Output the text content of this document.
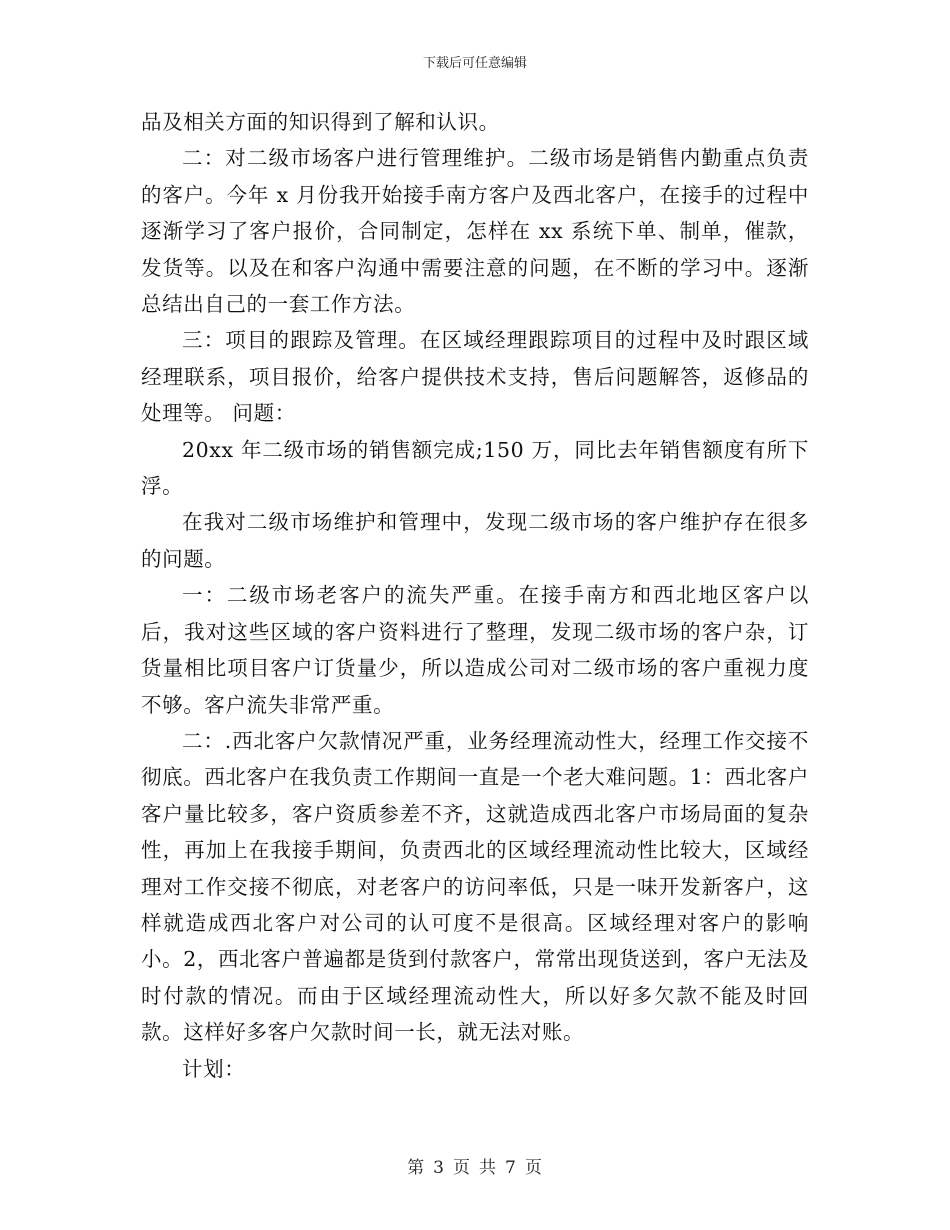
下载后可任意编辑

品及相关方面的知识得到了解和认识。

二：对二级市场客户进行管理维护。二级市场是销售内勤重点负责的客户。今年 x 月份我开始接手南方客户及西北客户，在接手的过程中逐渐学习了客户报价，合同制定，怎样在 xx 系统下单、制单，催款，发货等。以及在和客户沟通中需要注意的问题，在不断的学习中。逐渐总结出自己的一套工作方法。

三：项目的跟踪及管理。在区域经理跟踪项目的过程中及时跟区域经理联系，项目报价，给客户提供技术支持，售后问题解答，返修品的处理等。 问题：

20xx 年二级市场的销售额完成;150 万，同比去年销售额度有所下浮。

在我对二级市场维护和管理中，发现二级市场的客户维护存在很多的问题。

一：二级市场老客户的流失严重。在接手南方和西北地区客户以后，我对这些区域的客户资料进行了整理，发现二级市场的客户杂，订货量相比项目客户订货量少，所以造成公司对二级市场的客户重视力度不够。客户流失非常严重。

二：.西北客户欠款情况严重，业务经理流动性大，经理工作交接不彻底。西北客户在我负责工作期间一直是一个老大难问题。1：西北客户客户量比较多，客户资质参差不齐，这就造成西北客户市场局面的复杂性，再加上在我接手期间，负责西北的区域经理流动性比较大，区域经理对工作交接不彻底，对老客户的访问率低，只是一味开发新客户，这样就造成西北客户对公司的认可度不是很高。区域经理对客户的影响小。2，西北客户普遍都是货到付款客户，常常出现货送到，客户无法及时付款的情况。而由于区域经理流动性大，所以好多欠款不能及时回款。这样好多客户欠款时间一长，就无法对账。

计划：

第 3 页 共 7 页
